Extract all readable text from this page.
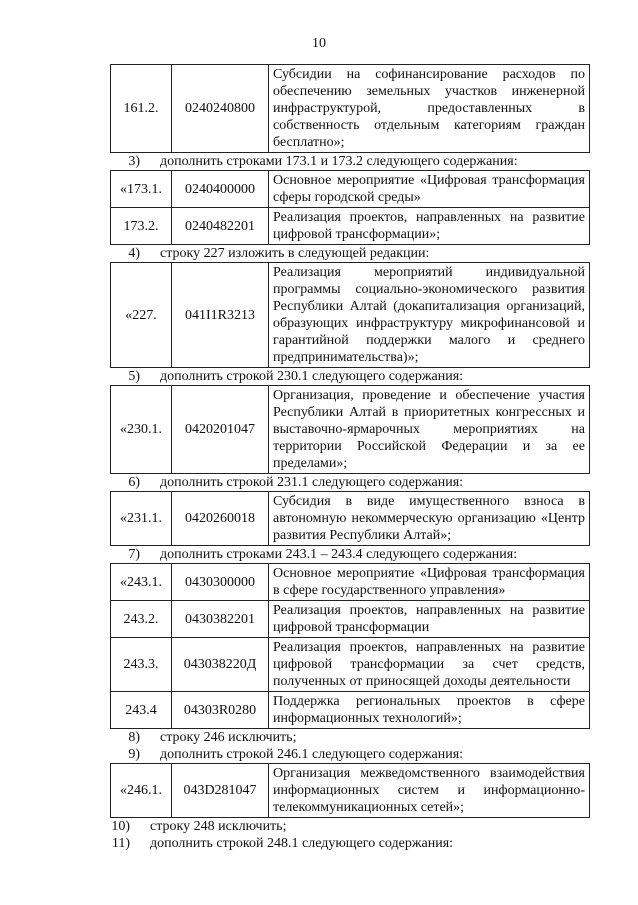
10
161.2.	0240240800	Субсидии на софинансирование расходов по обеспечению земельных участков инженерной инфраструктурой, предоставленных в собственность отдельным категориям граждан бесплатно»;
3)	дополнить строками 173.1 и 173.2 следующего содержания:
«173.1.	0240400000	Основное мероприятие «Цифровая трансформация сферы городской среды»
173.2.	0240482201	Реализация проектов, направленных на развитие цифровой трансформации»;
4)	строку 227 изложить в следующей редакции:
«227.	041I1R3213	Реализация мероприятий индивидуальной программы социально-экономического развития Республики Алтай (докапитализация организаций, образующих инфраструктуру микрофинансовой и гарантийной поддержки малого и среднего предпринимательства)»;
5)	дополнить строкой 230.1 следующего содержания:
«230.1.	0420201047	Организация, проведение и обеспечение участия Республики Алтай в приоритетных конгрессных и выставочно-ярмарочных мероприятиях на территории Российской Федерации и за ее пределами»;
6)	дополнить строкой 231.1 следующего содержания:
«231.1.	0420260018	Субсидия в виде имущественного взноса в автономную некоммерческую организацию «Центр развития Республики Алтай»;
7)	дополнить строками 243.1 – 243.4 следующего содержания:
«243.1.	0430300000	Основное мероприятие «Цифровая трансформация в сфере государственного управления»
243.2.	0430382201	Реализация проектов, направленных на развитие цифровой трансформации
243.3.	043038220Д	Реализация проектов, направленных на развитие цифровой трансформации за счет средств, полученных от приносящей доходы деятельности
243.4	04303R0280	Поддержка региональных проектов в сфере информационных технологий»;
8)	строку 246 исключить;
9)	дополнить строкой 246.1 следующего содержания:
«246.1.	043D281047	Организация межведомственного взаимодействия информационных систем и информационно-телекоммуникационных сетей»;
10)	строку 248 исключить;
11)	дополнить строкой 248.1 следующего содержания:
